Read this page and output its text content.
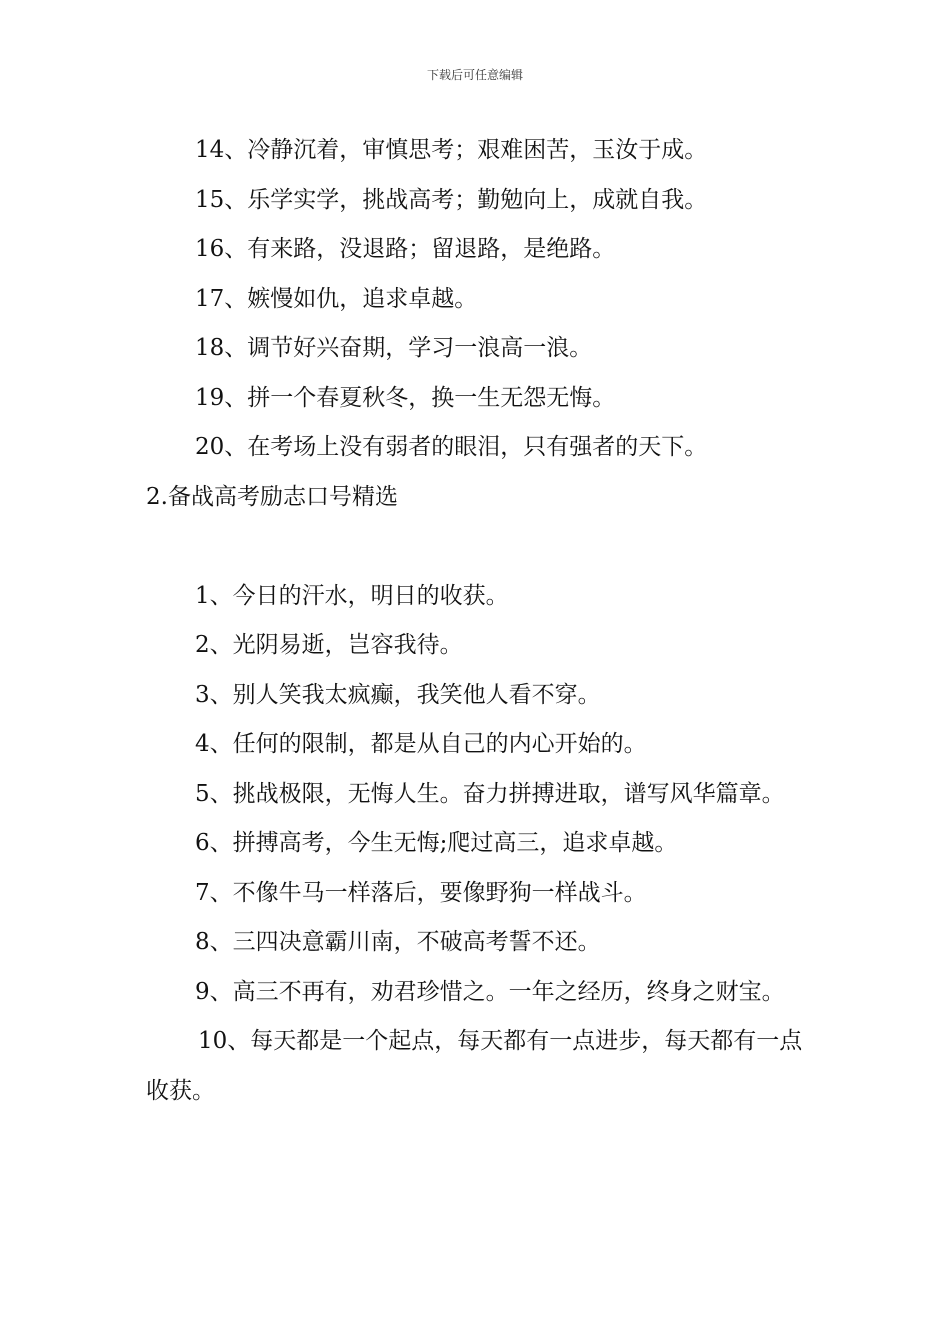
下载后可任意编辑
14、冷静沉着，审慎思考；艰难困苦，玉汝于成。
15、乐学实学，挑战高考；勤勉向上，成就自我。
16、有来路，没退路；留退路，是绝路。
17、嫉慢如仇，追求卓越。
18、调节好兴奋期，学习一浪高一浪。
19、拼一个春夏秋冬，换一生无怨无悔。
20、在考场上没有弱者的眼泪，只有强者的天下。
2.备战高考励志口号精选
1、今日的汗水，明日的收获。
2、光阴易逝，岂容我待。
3、别人笑我太疯癫，我笑他人看不穿。
4、任何的限制，都是从自己的内心开始的。
5、挑战极限，无悔人生。奋力拼搏进取，谱写风华篇章。
6、拼搏高考，今生无悔;爬过高三，追求卓越。
7、不像牛马一样落后，要像野狗一样战斗。
8、三四决意霸川南，不破高考誓不还。
9、高三不再有，劝君珍惜之。一年之经历，终身之财宝。
10、每天都是一个起点，每天都有一点进步，每天都有一点收获。
